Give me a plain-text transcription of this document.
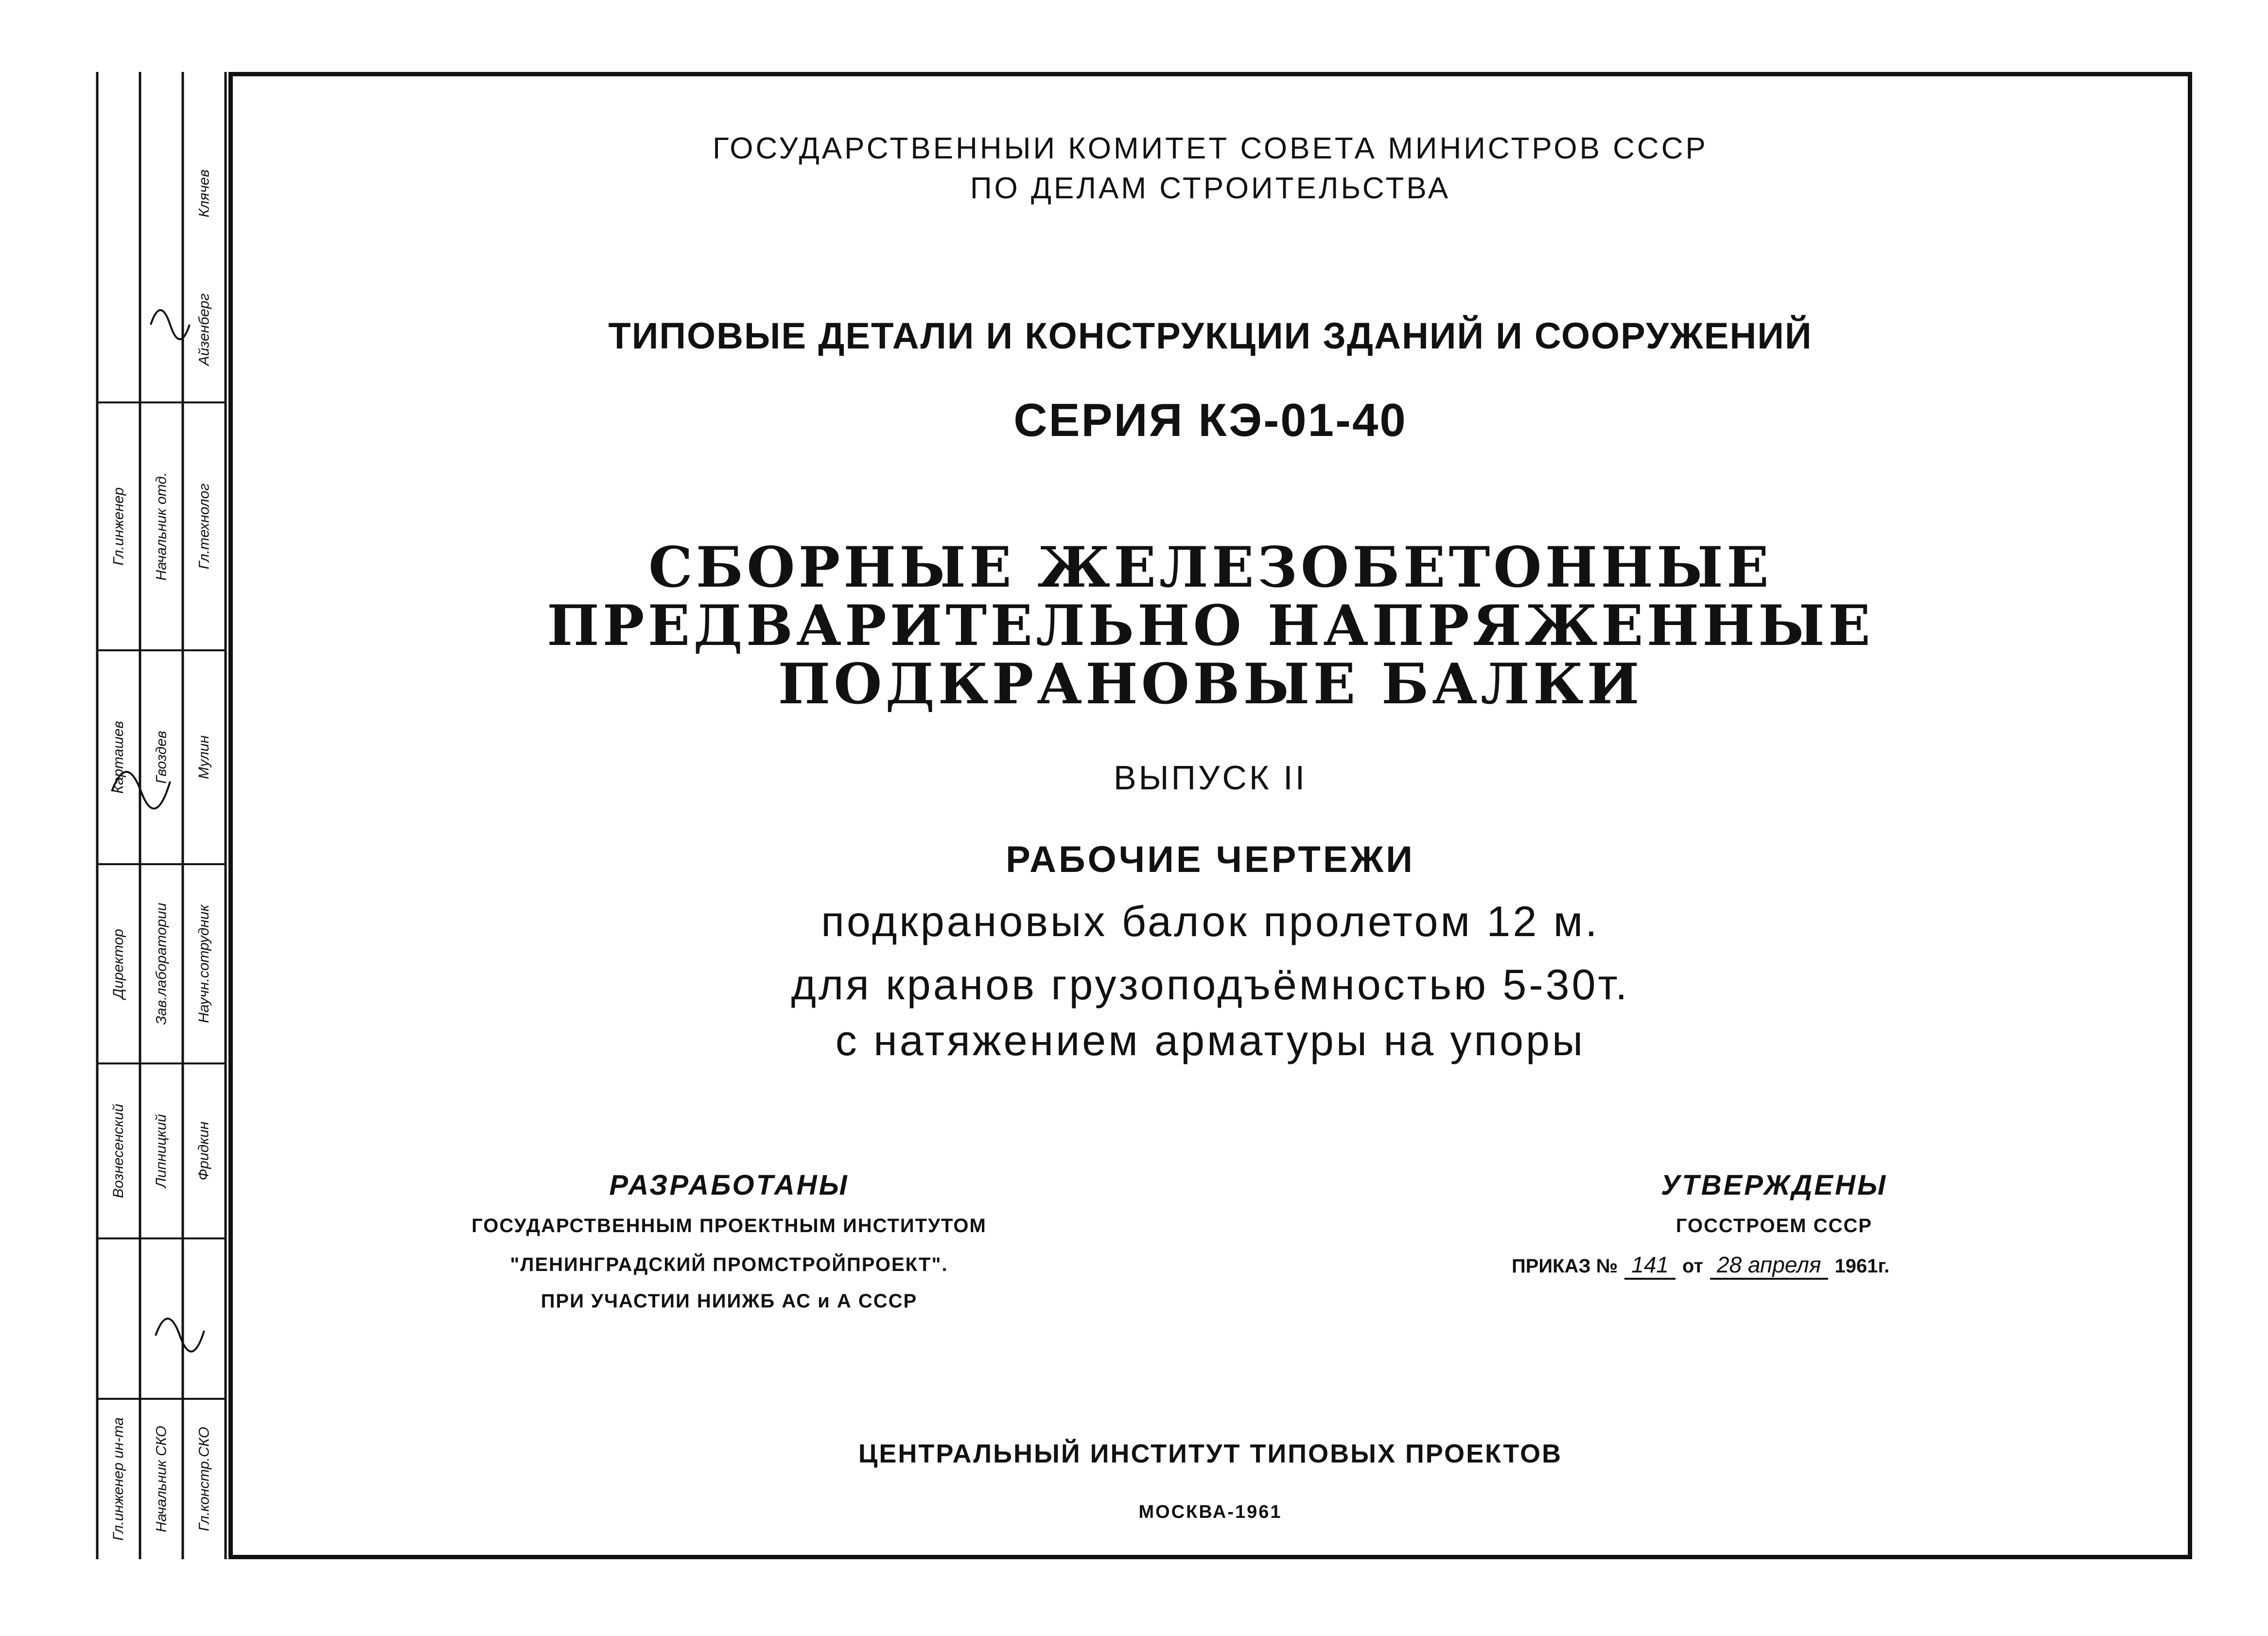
Гл.инженер Начальник отд. Гл.технолог
Карташев Гвоздев Мулин
Директор Зав.лаборатории Научн.сотрудник
Вознесенский Липницкий Фридкин
Гл.инженер ин-та Начальник СКО Гл.констр.СКО
Клячев
Айзенберг
ГОСУДАРСТВЕННЫИ КОМИТЕТ СОВЕТА МИНИСТРОВ СССР
ПО ДЕЛАМ СТРОИТЕЛЬСТВА
ТИПОВЫЕ ДЕТАЛИ И КОНСТРУКЦИИ ЗДАНИЙ И СООРУЖЕНИЙ
СЕРИЯ КЭ-01-40
СБОРНЫЕ ЖЕЛЕЗОБЕТОННЫЕ
ПРЕДВАРИТЕЛЬНО НАПРЯЖЕННЫЕ
ПОДКРАНОВЫЕ БАЛКИ
ВЫПУСК II
РАБОЧИЕ ЧЕРТЕЖИ
подкрановых балок пролетом 12 м.
для кранов грузоподъёмностью 5-30т.
с натяжением арматуры на упоры
РАЗРАБОТАНЫ
ГОСУДАРСТВЕННЫМ ПРОЕКТНЫМ ИНСТИТУТОМ
"ЛЕНИНГРАДСКИЙ ПРОМСТРОЙПРОЕКТ".
ПРИ УЧАСТИИ НИИЖБ АС и А СССР
УТВЕРЖДЕНЫ
ГОССТРОЕМ СССР
ПРИКАЗ № 141 от 28 апреля 1961г.
ЦЕНТРАЛЬНЫЙ ИНСТИТУТ ТИПОВЫХ ПРОЕКТОВ
МОСКВА-1961
